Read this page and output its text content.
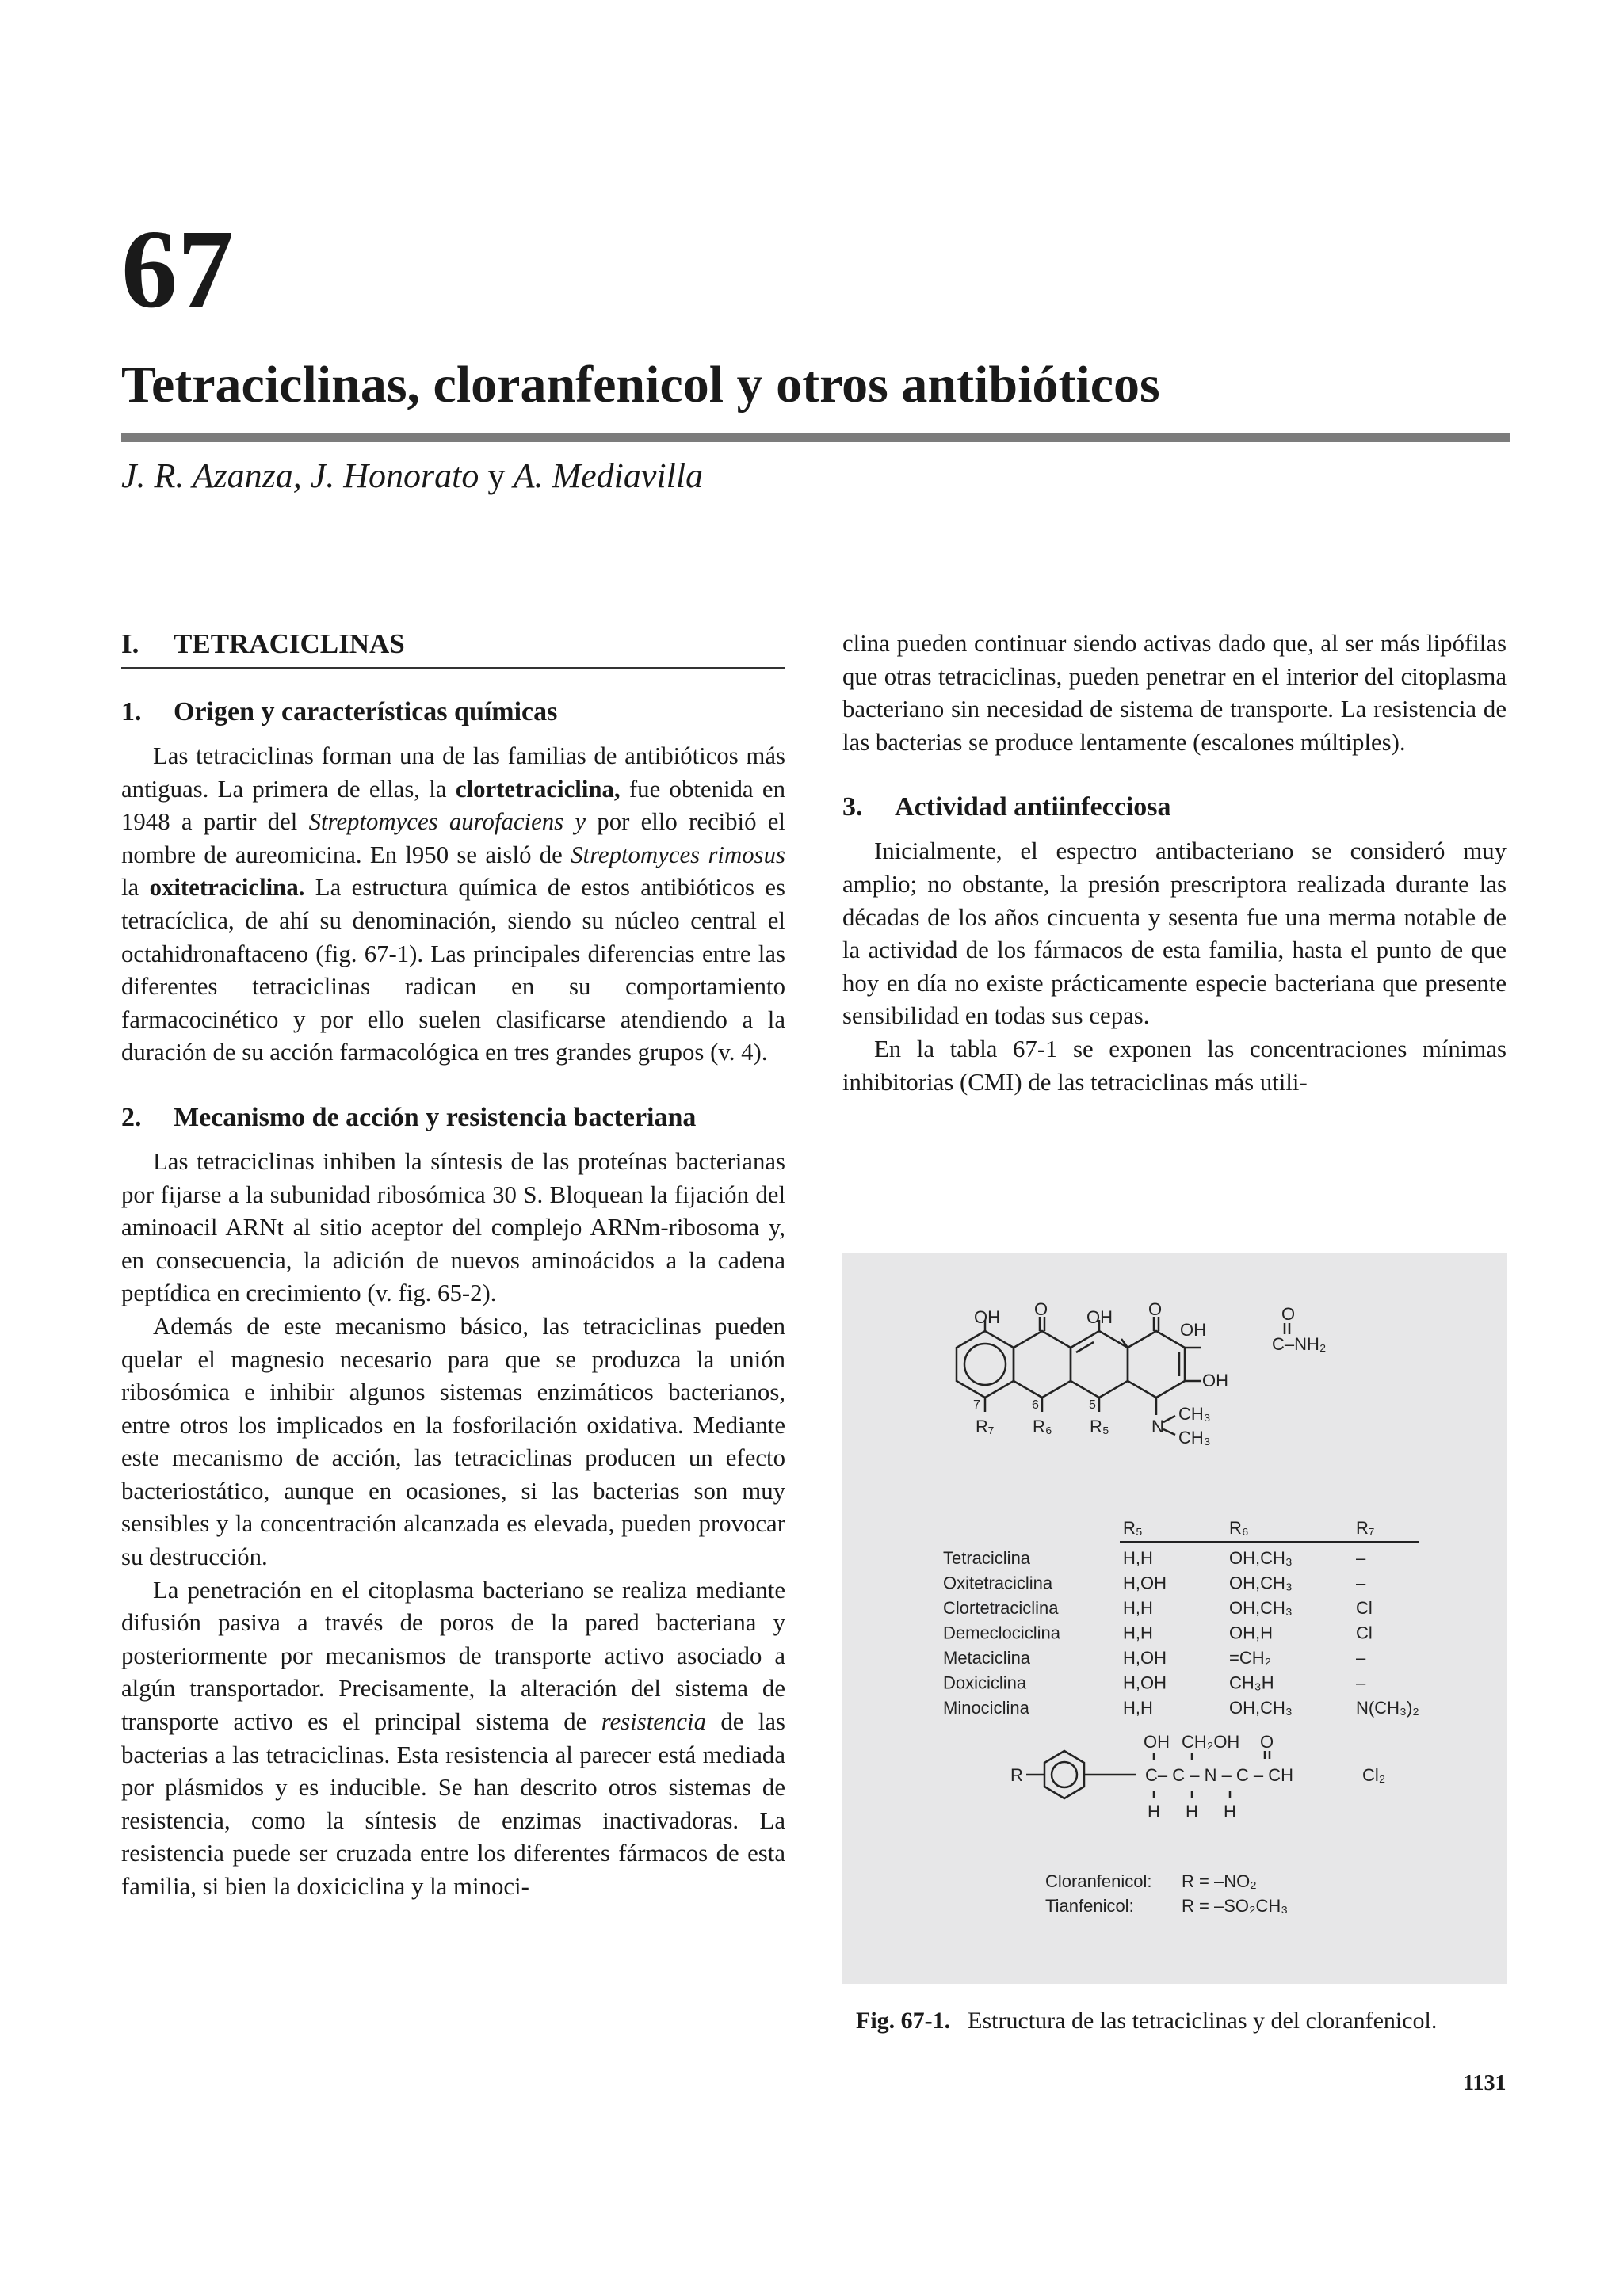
67
Tetraciclinas, cloranfenicol y otros antibióticos

J. R. Azanza, J. Honorato y A. Mediavilla

I. TETRACICLINAS
1. Origen y características químicas

Las tetraciclinas forman una de las familias de antibióticos más antiguas. La primera de ellas, la clortetraciclina, fue obtenida en 1948 a partir del Streptomyces aurofaciens y por ello recibió el nombre de aureomicina. En l950 se aisló de Streptomyces rimosus la oxitetraciclina. La estructura química de estos antibióticos es tetracíclica, de ahí su denominación, siendo su núcleo central el octahidronaftaceno (fig. 67-1). Las principales diferencias entre las diferentes tetraciclinas radican en su comportamiento farmacocinético y por ello suelen clasificarse atendiendo a la duración de su acción farmacológica en tres grandes grupos (v. 4).

2. Mecanismo de acción y resistencia bacteriana

Las tetraciclinas inhiben la síntesis de las proteínas bacterianas por fijarse a la subunidad ribosómica 30 S. Bloquean la fijación del aminoacil ARNt al sitio aceptor del complejo ARNm-ribosoma y, en consecuencia, la adición de nuevos aminoácidos a la cadena peptídica en crecimiento (v. fig. 65-2).

Además de este mecanismo básico, las tetraciclinas pueden quelar el magnesio necesario para que se produzca la unión ribosómica e inhibir algunos sistemas enzimáticos bacterianos, entre otros los implicados en la fosforilación oxidativa. Mediante este mecanismo de acción, las tetraciclinas producen un efecto bacteriostático, aunque en ocasiones, si las bacterias son muy sensibles y la concentración alcanzada es elevada, pueden provocar su destrucción.

La penetración en el citoplasma bacteriano se realiza mediante difusión pasiva a través de poros de la pared bacteriana y posteriormente por mecanismos de transporte activo asociado a algún transportador. Precisamente, la alteración del sistema de transporte activo es el principal sistema de resistencia de las bacterias a las tetraciclinas. Esta resistencia al parecer está mediada por plásmidos y es inducible. Se han descrito otros sistemas de resistencia, como la síntesis de enzimas inactivadoras. La resistencia puede ser cruzada entre los diferentes fármacos de esta familia, si bien la doxiciclina y la minoci-

clina pueden continuar siendo activas dado que, al ser más lipófilas que otras tetraciclinas, pueden penetrar en el interior del citoplasma bacteriano sin necesidad de sistema de transporte. La resistencia de las bacterias se produce lentamente (escalones múltiples).

3. Actividad antiinfecciosa

Inicialmente, el espectro antibacteriano se consideró muy amplio; no obstante, la presión prescriptora realizada durante las décadas de los años cincuenta y sesenta fue una merma notable de la actividad de los fármacos de esta familia, hasta el punto de que hoy en día no existe prácticamente especie bacteriana que presente sensibilidad en todas sus cepas.

En la tabla 67-1 se exponen las concentraciones mínimas inhibitorias (CMI) de las tetraciclinas más utili-

OH O OH O	O
OH
C–NH₂
OH
CH₃
CH₃
N
7	6	5
R₇ R₆ R₅
R₅	R₆	R₇
Tetraciclina	H,H	OH,CH₃	–
Oxitetraciclina	H,OH	OH,CH₃	–
Clortetraciclina	H,H	OH,CH₃	Cl
Demeclociclina	H,H	OH,H	Cl
Metaciclina	H,OH	=CH₂	–
Doxiciclina	H,OH	CH₃H	–
Minociclina	H,H	OH,CH₃	N(CH₃)₂
R
OH CH₂OH O
C– C – N – C – CH	Cl₂
H H H
Cloranfenicol: R = –NO₂
Tianfenicol:	R = –SO₂CH₃
Fig. 67-1. Estructura de las tetraciclinas y del cloranfenicol.
1131
